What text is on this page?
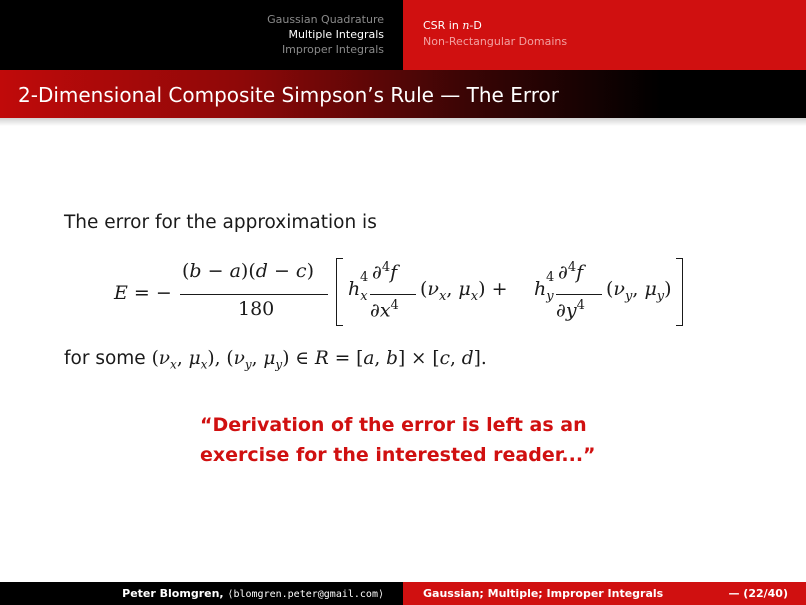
Gaussian Quadrature
Multiple Integrals
Improper Integrals
CSR in n-D
Non-Rectangular Domains
2-Dimensional Composite Simpson’s Rule — The Error
The error for the approximation is
E = −
(b − a)(d − c)
180
$h_x$
4 ∂$^4$f
$\partial x^4$
($\nu_x$, $\mu_x) + h_y$
4 ∂$^4$f
$\partial y^4$
($\nu_y$, $\mu_y$)
for some ($\nu_x$, $\mu_x$), ($\nu_y$, $\mu_y$) ∈ R = [a, b] × [c, d].
“Derivation of the error is left as an
exercise for the interested reader...”
Peter Blomgren, ⟨blomgren.peter@gmail.com⟩	Gaussian; Multiple; Improper Integrals	— (22/40)
